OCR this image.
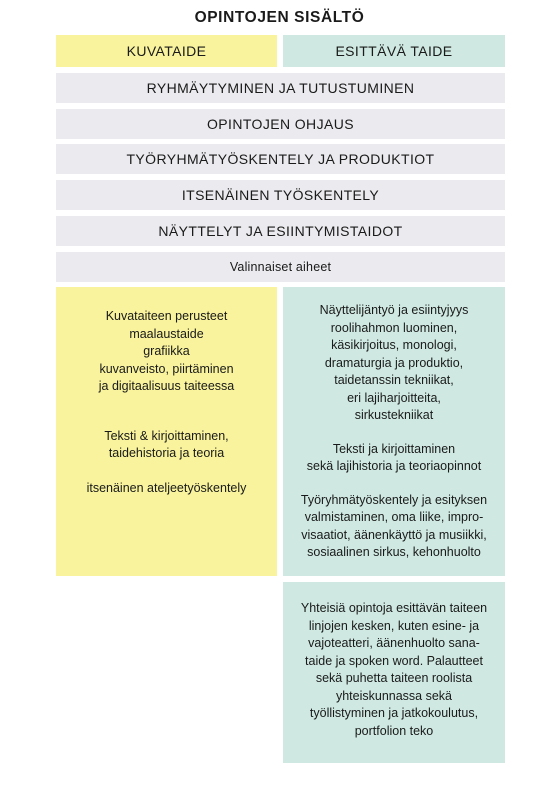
OPINTOJEN SISÄLTÖ
KUVATAIDE	ESITTÄVÄ TAIDE
RYHMÄYTYMINEN JA TUTUSTUMINEN
OPINTOJEN OHJAUS
TYÖRYHMÄTYÖSKENTELY JA PRODUKTIOT
ITSENÄINEN TYÖSKENTELY
NÄYTTELYT JA ESIINTYMISTAIDOT
Valinnaiset aiheet
Kuvataiteen perusteet
maalaustaide
grafiikka
kuvanveisto, piirtäminen
ja digitaalisuus taiteessa
Teksti & kirjoittaminen,
taidehistoria ja teoria
itsenäinen ateljeetyöskentely
Näyttelijäntyö ja esiintyjyys
roolihahmon luominen,
käsikirjoitus, monologi,
dramaturgia ja produktio,
taidetanssin tekniikat,
eri lajiharjoitteita,
sirkustekniikat
Teksti ja kirjoittaminen
sekä lajihistoria ja teoriaopinnot
Työryhmätyöskentely ja esityksen
valmistaminen, oma liike, impro-
visaatiot, äänenkäyttö ja musiikki,
sosiaalinen sirkus, kehonhuolto
Yhteisiä opintoja esittävän taiteen
linjojen kesken, kuten esine- ja
vajoteatteri, äänenhuolto sana-
taide ja spoken word. Palautteet
sekä puhetta taiteen roolista
yhteiskunnassa sekä
työllistyminen ja jatkokoulutus,
portfolion teko
